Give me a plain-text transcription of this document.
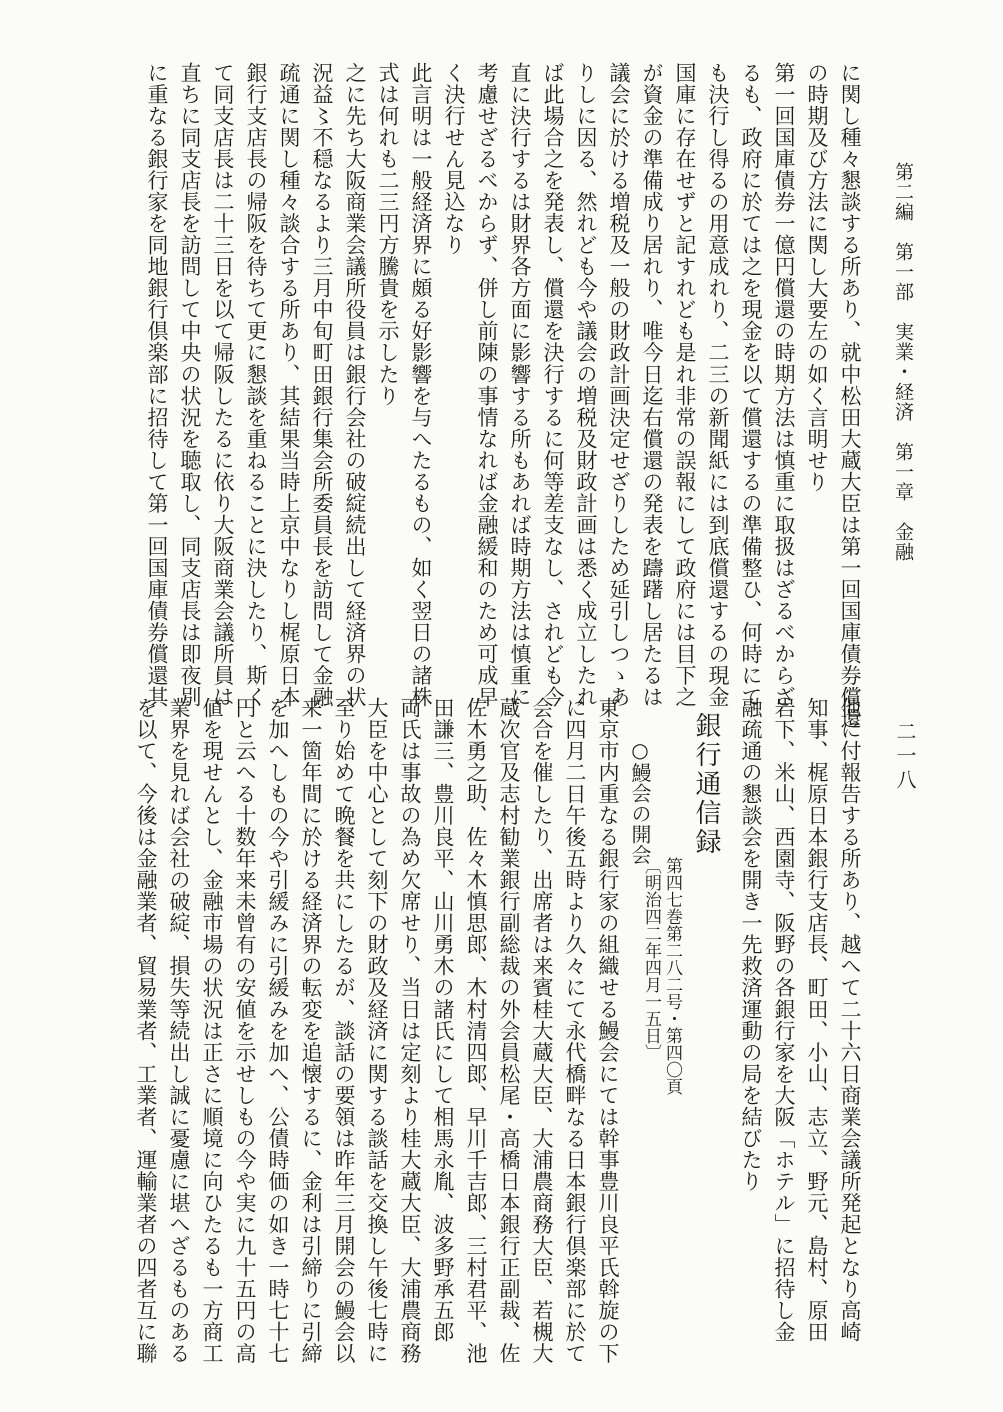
第二編　第一部　実業・経済　第一章　金融
二一八
に関し種々懇談する所あり、就中松田大蔵大臣は第一回国庫債券償還
の時期及び方法に関し大要左の如く言明せり
第一回国庫債券一億円償還の時期方法は慎重に取扱はざるべからざ
るも、政府に於ては之を現金を以て償還するの準備整ひ、何時にて
も決行し得るの用意成れり、二三の新聞紙には到底償還するの現金
国庫に存在せずと記すれども是れ非常の誤報にして政府には目下之
が資金の準備成り居れり、唯今日迄右償還の発表を躊躇し居たるは
議会に於ける増税及一般の財政計画決定せざりしため延引しつゝあ
りしに因る、然れども今や議会の増税及財政計画は悉く成立したれ
ば此場合之を発表し、償還を決行するに何等差支なし、されども今
直に決行するは財界各方面に影響する所もあれば時期方法は慎重に
考慮せざるべからず、併し前陳の事情なれば金融緩和のため可成早
く決行せん見込なり
此言明は一般経済界に頗る好影響を与へたるもの、如く翌日の諸株
式は何れも二三円方騰貴を示したり
之に先ち大阪商業会議所役員は銀行会社の破綻続出して経済界の状
況益〻不穏なるより三月中旬町田銀行集会所委員長を訪問して金融
疏通に関し種々談合する所あり、其結果当時上京中なりし梶原日本
銀行支店長の帰阪を待ちて更に懇談を重ねることに決したり、斯く
て同支店長は二十三日を以て帰阪したるに依り大阪商業会議所員は
直ちに同支店長を訪問して中央の状況を聴取し、同支店長は即夜別
に重なる銀行家を同地銀行倶楽部に招待して第一回国庫債券償還其
他に付報告する所あり、越へて二十六日商業会議所発起となり高崎
知事、梶原日本銀行支店長、町田、小山、志立、野元、島村、原田
岩下、米山、西園寺、阪野の各銀行家を大阪「ホテル」に招待し金
融疏通の懇談会を開き一先救済運動の局を結びたり
銀行通信録
第四七巻第二八二号・第四〇頁
〔明治四二年四月一五日〕
○鰻会の開会
東京市内重なる銀行家の組織せる鰻会にては幹事豊川良平氏斡旋の下
に四月二日午後五時より久々にて永代橋畔なる日本銀行倶楽部に於て
会合を催したり、出席者は来賓桂大蔵大臣、大浦農商務大臣、若槻大
蔵次官及志村勧業銀行副総裁の外会員松尾・高橋日本銀行正副裁、佐
佐木勇之助、佐々木慎思郎、木村清四郎、早川千吉郎、三村君平、池
田謙三、豊川良平、山川勇木の諸氏にして相馬永胤、波多野承五郎
両氏は事故の為め欠席せり、当日は定刻より桂大蔵大臣、大浦農商務
大臣を中心として刻下の財政及経済に関する談話を交換し午後七時に
至り始めて晩餐を共にしたるが、談話の要領は昨年三月開会の鰻会以
来一箇年間に於ける経済界の転変を追懐するに、金利は引締りに引締
を加へしもの今や引緩みに引緩みを加へ、公債時価の如き一時七十七
円と云へる十数年来未曾有の安値を示せしもの今や実に九十五円の高
値を現せんとし、金融市場の状況は正さに順境に向ひたるも一方商工
業界を見れば会社の破綻、損失等続出し誠に憂慮に堪へざるものある
を以て、今後は金融業者、貿易業者、工業者、運輸業者の四者互に聯
